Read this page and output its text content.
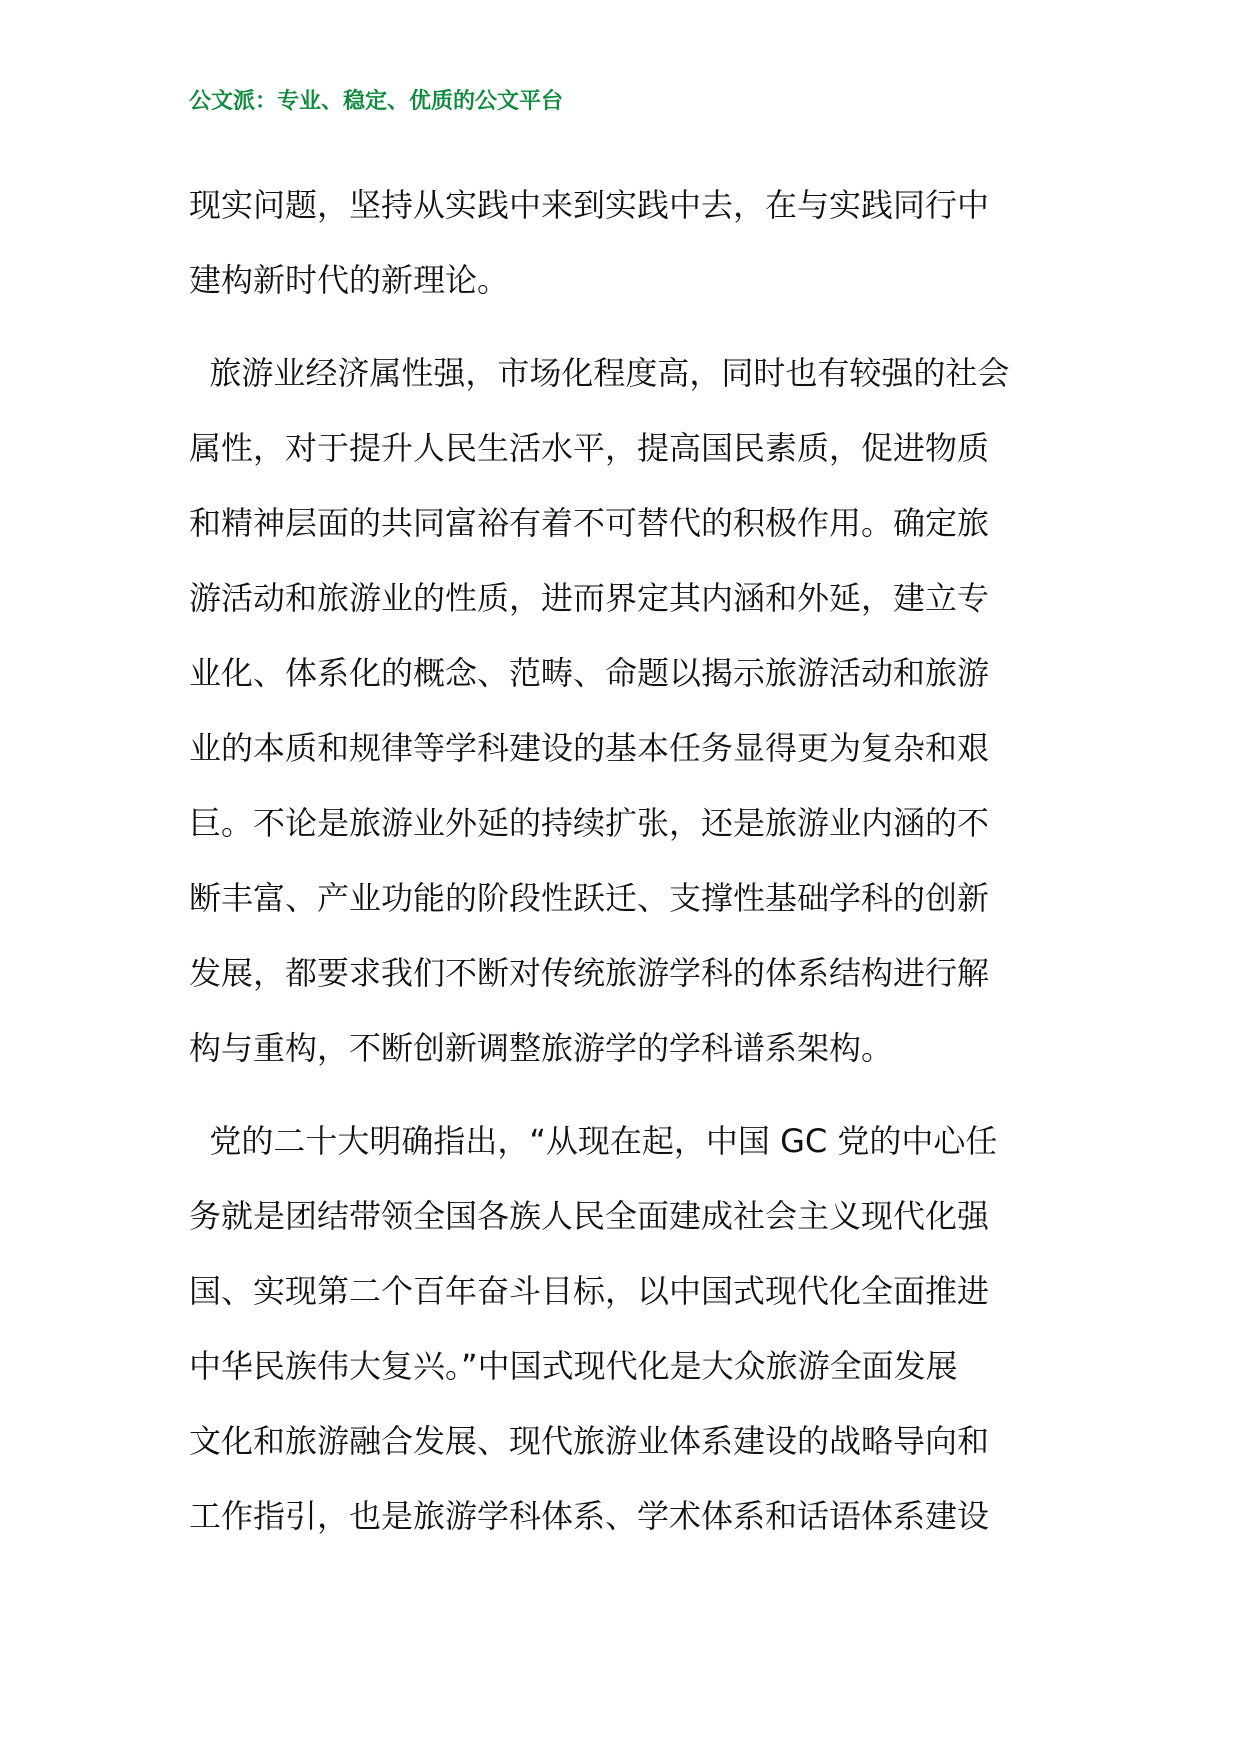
公文派：专业、稳定、优质的公文平台
现实问题，坚持从实践中来到实践中去，在与实践同行中
建构新时代的新理论。
旅游业经济属性强，市场化程度高，同时也有较强的社会
属性，对于提升人民生活水平，提高国民素质，促进物质
和精神层面的共同富裕有着不可替代的积极作用。确定旅
游活动和旅游业的性质，进而界定其内涵和外延，建立专
业化、体系化的概念、范畴、命题以揭示旅游活动和旅游
业的本质和规律等学科建设的基本任务显得更为复杂和艰
巨。不论是旅游业外延的持续扩张，还是旅游业内涵的不
断丰富、产业功能的阶段性跃迁、支撑性基础学科的创新
发展，都要求我们不断对传统旅游学科的体系结构进行解
构与重构，不断创新调整旅游学的学科谱系架构。
党的二十大明确指出，“从现在起，中国 GC 党的中心任
务就是团结带领全国各族人民全面建成社会主义现代化强
国、实现第二个百年奋斗目标，以中国式现代化全面推进
中华民族伟大复兴。”中国式现代化是大众旅游全面发展
文化和旅游融合发展、现代旅游业体系建设的战略导向和
工作指引，也是旅游学科体系、学术体系和话语体系建设
